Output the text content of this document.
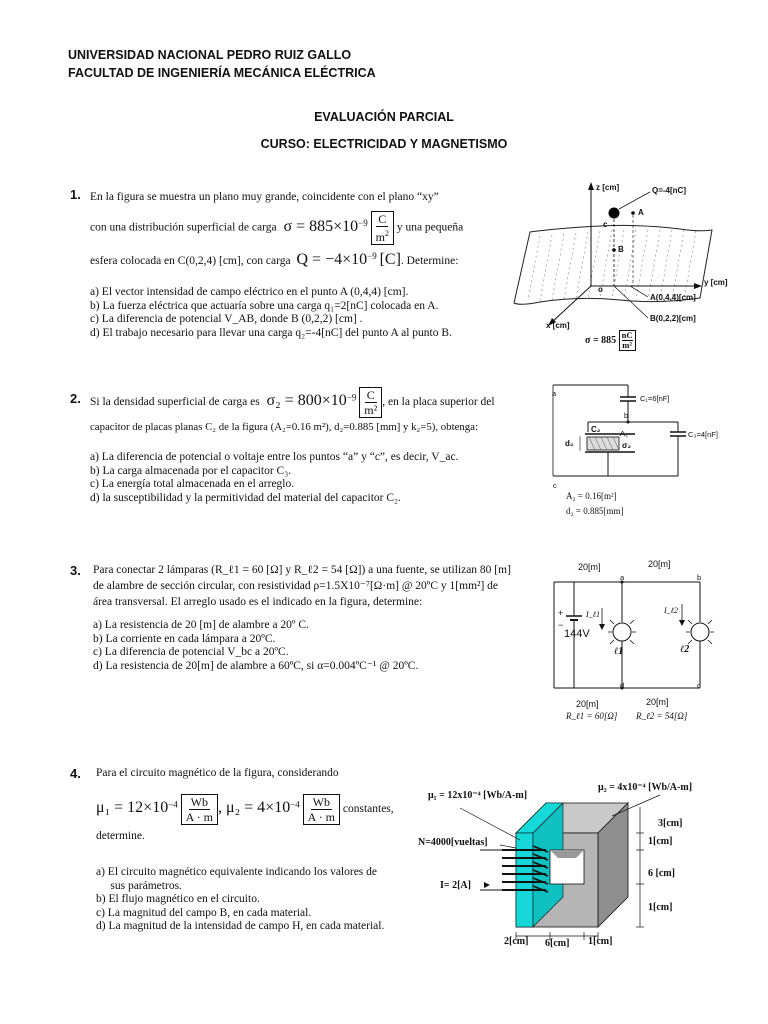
UNIVERSIDAD NACIONAL PEDRO RUIZ GALLO
FACULTAD DE INGENIERÍA MECÁNICA ELÉCTRICA
EVALUACIÓN PARCIAL
CURSO: ELECTRICIDAD Y MAGNETISMO
1. En la figura se muestra un plano muy grande, coincidente con el plano “xy”
con una distribución superficial de carga $\sigma = 885\times 10^{-9} \frac{C}{m^2}$ y una pequeña
esfera colocada en C(0,2,4) [cm], con carga $Q = -4\times 10^{-9}$ [C]. Determine:
a) El vector intensidad de campo eléctrico en el punto A (0,4,4) [cm].
b) La fuerza eléctrica que actuaría sobre una carga q₁=2[nC] colocada en A.
c) La diferencia de potencial V_AB, donde B (0,2,2) [cm] .
d) El trabajo necesario para llevar una carga q₂=-4[nC] del punto A al punto B.
z [cm]	Q=-4[nC]
A
c
B
y [cm]
o
A(0,4,4)[cm]
B(0,2,2)[cm]
x [cm]
$\sigma = 885 \frac{nC}{\text{m²}}$
2. Si la densidad superficial de carga es $\sigma_2 = 800\times 10^{-9} \frac{C}{\text{m²}}$ , en la placa superior del
capacitor de placas planas C₂ de la figura (A₂=0.16 m²), d₂=0.885 [mm] y k₂=5), obtenga:
a) La diferencia de potencial o voltaje entre los puntos “a” y “c”, es decir, V_ac.
b) La carga almacenada por el capacitor C₃.
c) La energía total almacenada en el arreglo.
d) la susceptibilidad y la permitividad del material del capacitor C₂.
a
C₁=6[nF]
b
C₂	A₂	C₃=4[nF]
d₂	σ₂
c
A₂ = 0.16[m²]
d₂ = 0.885[mm]
3. Para conectar 2 lámparas (R_ℓ1 = 60 [Ω] y R_ℓ2 = 54 [Ω]) a una fuente, se utilizan 80 [m]
de alambre de sección circular, con resistividad ρ=1.5X10⁻⁷[Ω·m] @ 20ºC y 1[mm²] de
área transversal. El arreglo usado es el indicado en la figura, determine:
a) La resistencia de 20 [m] de alambre a 20º C.
b) La corriente en cada lámpara a 20ºC.
c) La diferencia de potencial V_bc a 20ºC.
d) La resistencia de 20[m] de alambre a 60ºC, si α=0.004ºC⁻¹ @ 20ºC.
20[m]	20[m]
a	b
+
−
I_ℓ1	I_ℓ2
144V
ℓ1	ℓ2
d	c
20[m]	20[m]
R_ℓ1 = 60[Ω] R_ℓ2 = 54[Ω]
4. Para el circuito magnético de la figura, considerando
$\mu_1 = 12\times 10^{-4} \frac{Wb}{A \cdot m}$ , $\mu_2 = 4\times 10^{-4} \frac{Wb}{A \cdot m}$ constantes,
determine.
a) El circuito magnético equivalente indicando los valores de
sus parámetros.
b) El flujo magnético en el circuito.
c) La magnitud del campo B, en cada material.
d) La magnitud de la intensidad de campo H, en cada material.
μ₁ = 12x10⁻⁴ [Wb/A-m]
μ₂ = 4x10⁻⁴ [Wb/A-m]
N=4000[vueltas]
I= 2[A]
3[cm]
1[cm]
6 [cm]
1[cm]
2[cm] 6[cm] 1[cm]
